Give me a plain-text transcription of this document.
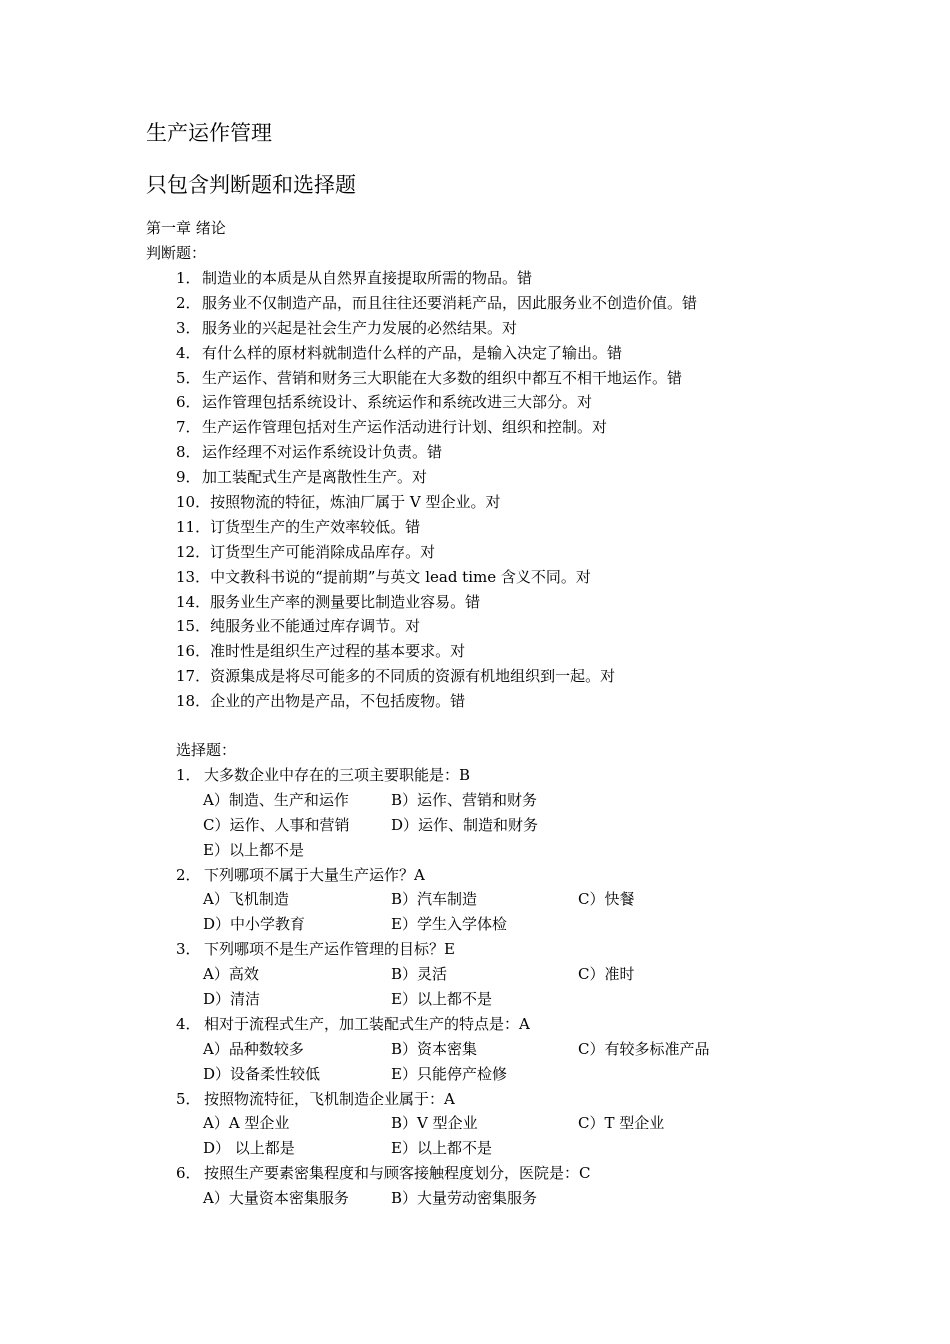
生产运作管理
只包含判断题和选择题
第一章 绪论
判断题：
1．制造业的本质是从自然界直接提取所需的物品。错
2．服务业不仅制造产品，而且往往还要消耗产品，因此服务业不创造价值。错
3．服务业的兴起是社会生产力发展的必然结果。对
4．有什么样的原材料就制造什么样的产品，是输入决定了输出。错
5．生产运作、营销和财务三大职能在大多数的组织中都互不相干地运作。错
6．运作管理包括系统设计、系统运作和系统改进三大部分。对
7．生产运作管理包括对生产运作活动进行计划、组织和控制。对
8．运作经理不对运作系统设计负责。错
9．加工装配式生产是离散性生产。对
10．按照物流的特征，炼油厂属于 V 型企业。对
11．订货型生产的生产效率较低。错
12．订货型生产可能消除成品库存。对
13．中文教科书说的“提前期”与英文 lead time 含义不同。对
14．服务业生产率的测量要比制造业容易。错
15．纯服务业不能通过库存调节。对
16．准时性是组织生产过程的基本要求。对
17．资源集成是将尽可能多的不同质的资源有机地组织到一起。对
18．企业的产出物是产品，不包括废物。错
选择题：
1． 大多数企业中存在的三项主要职能是：B
A）制造、生产和运作	B）运作、营销和财务
C）运作、人事和营销	D）运作、制造和财务
E）以上都不是
2． 下列哪项不属于大量生产运作？A
A）飞机制造	B）汽车制造	C）快餐
D）中小学教育	E）学生入学体检
3． 下列哪项不是生产运作管理的目标？E
A）高效	B）灵活	C）准时
D）清洁	E）以上都不是
4． 相对于流程式生产，加工装配式生产的特点是：A
A）品种数较多	B）资本密集	C）有较多标准产品
D）设备柔性较低	E）只能停产检修
5． 按照物流特征，飞机制造企业属于：A
A）A 型企业	B）V 型企业	C）T 型企业
D） 以上都是	E）以上都不是
6． 按照生产要素密集程度和与顾客接触程度划分，医院是：C
A）大量资本密集服务	B）大量劳动密集服务
